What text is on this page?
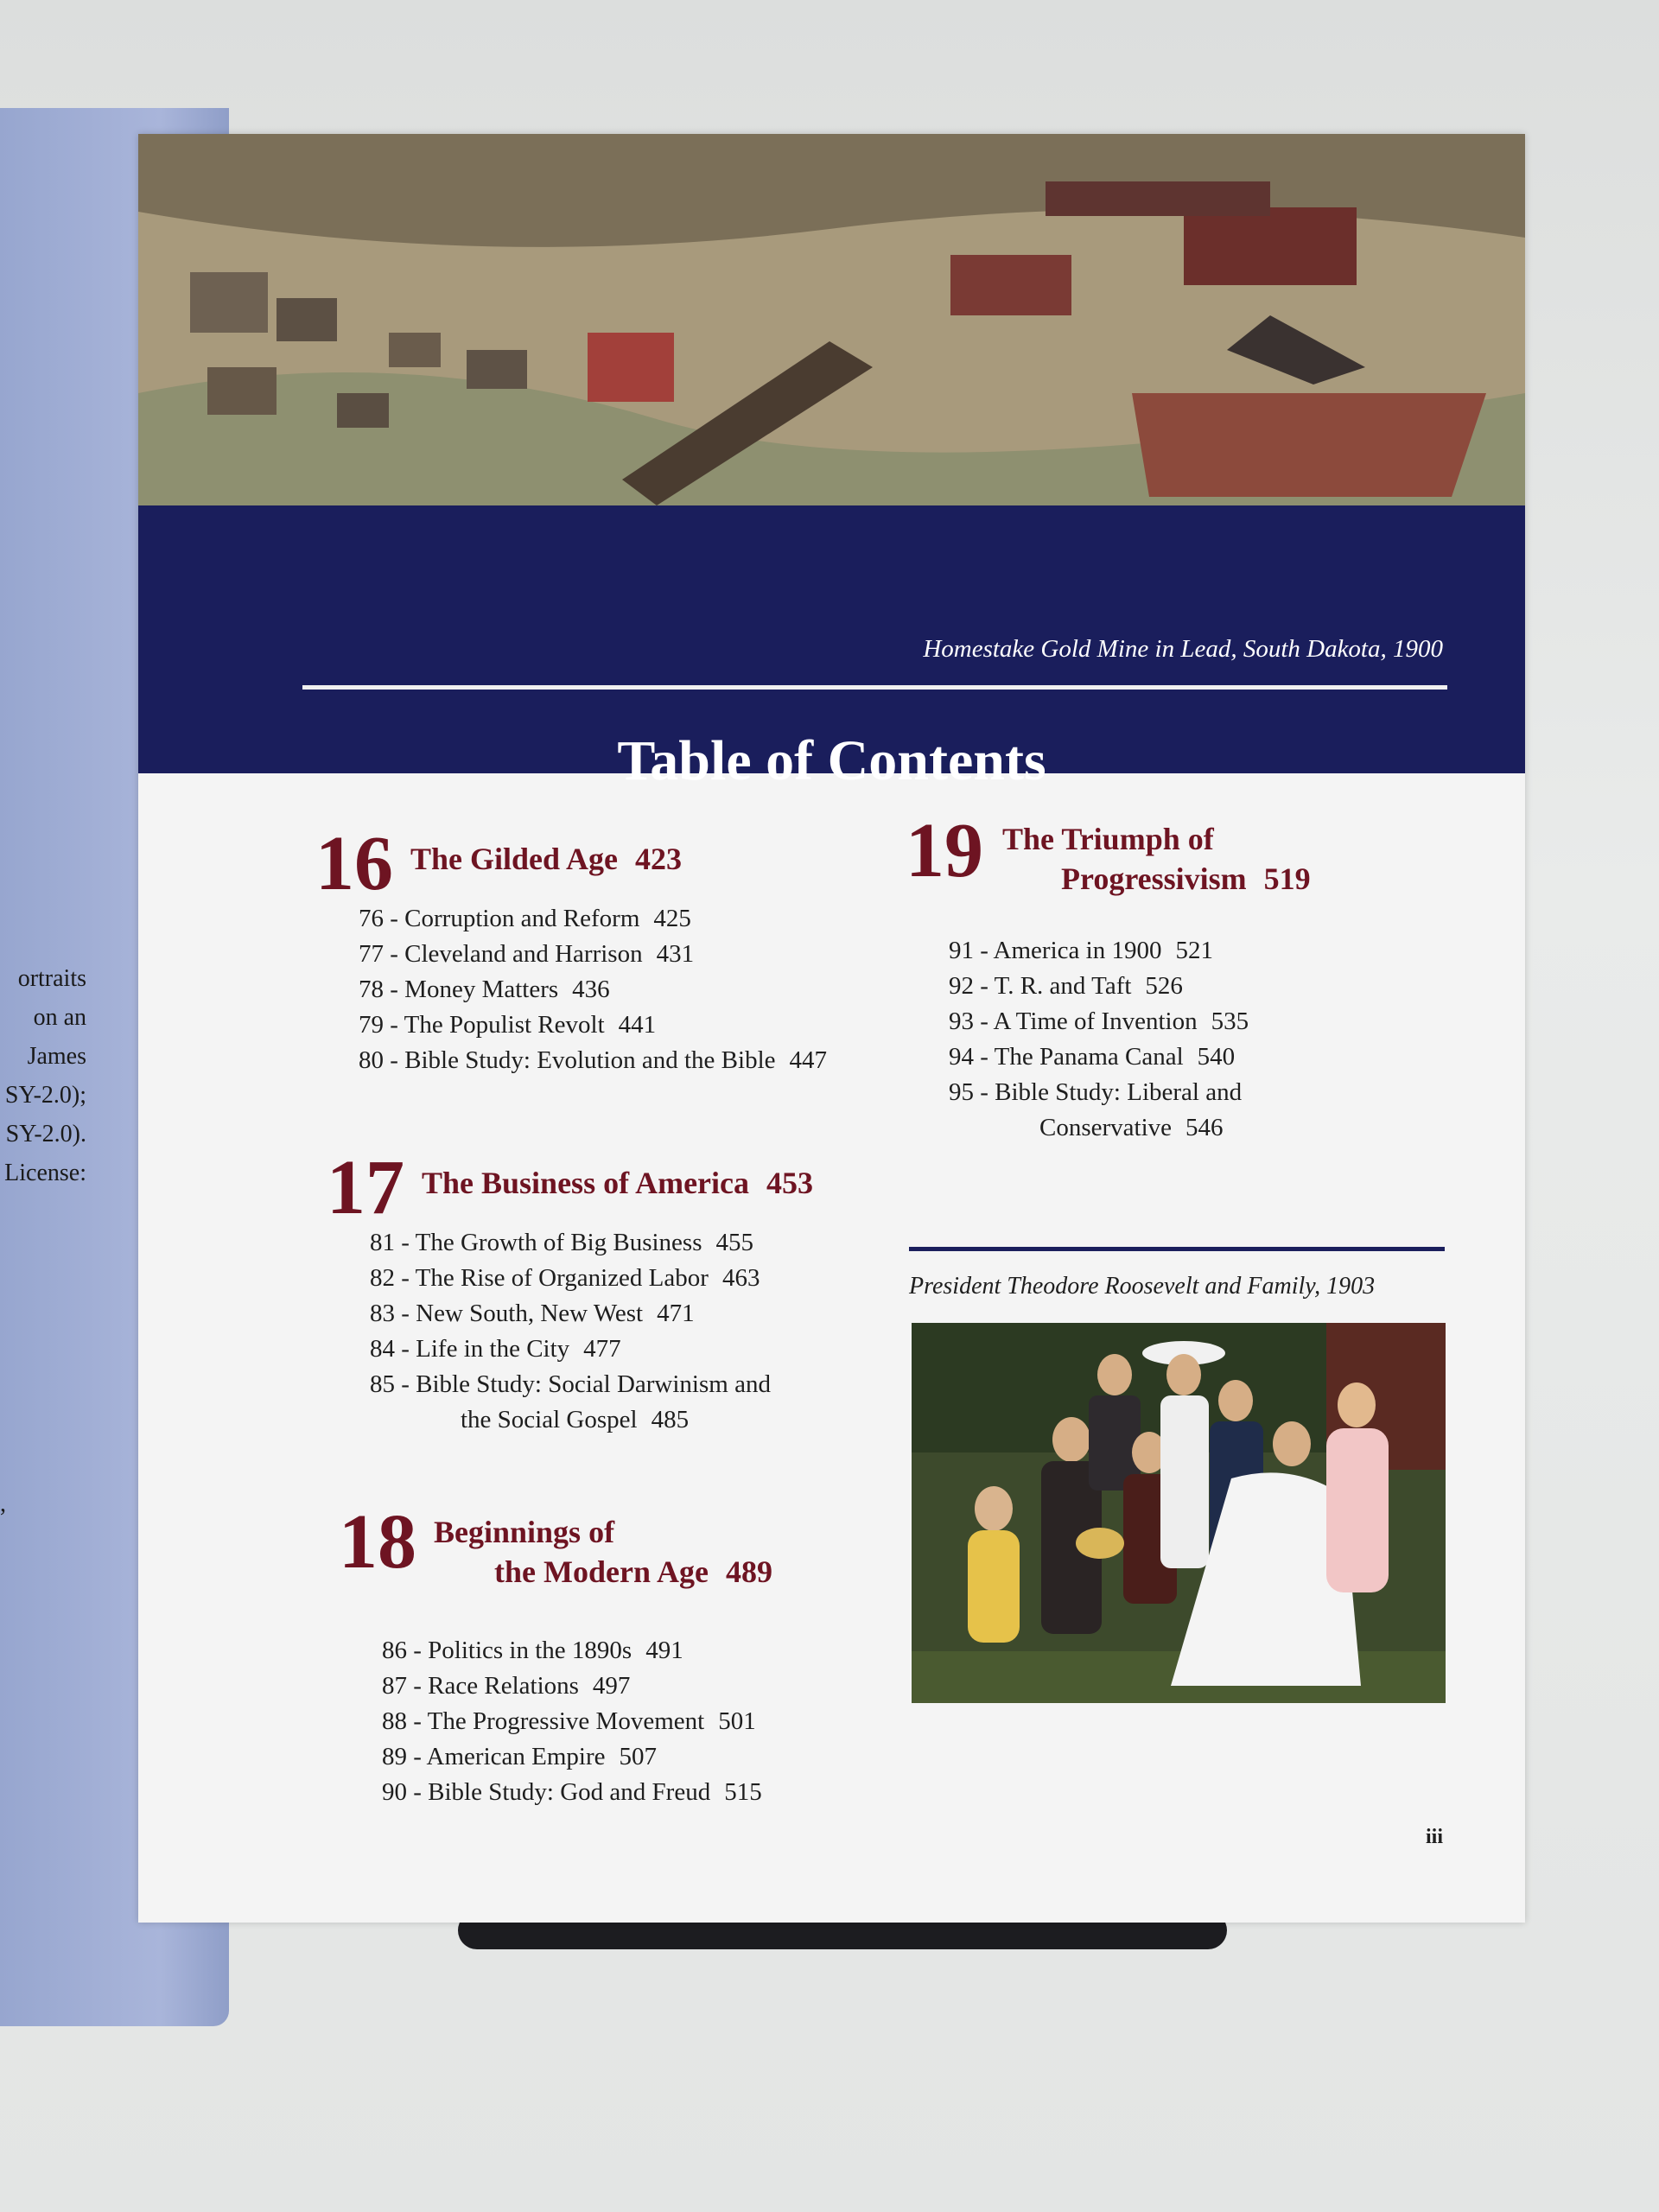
ortraits
on an
James
SY-2.0);
SY-2.0).
License:
,
Homestake Gold Mine in Lead, South Dakota, 1900
Table of Contents
16 The Gilded Age 423
76 - Corruption and Reform 425
77 - Cleveland and Harrison 431
78 - Money Matters 436
79 - The Populist Revolt 441
80 - Bible Study: Evolution and the Bible 447
17 The Business of America 453
81 - The Growth of Big Business 455
82 - The Rise of Organized Labor 463
83 - New South, New West 471
84 - Life in the City 477
85 - Bible Study: Social Darwinism and
the Social Gospel 485
18 Beginnings of
the Modern Age 489
86 - Politics in the 1890s 491
87 - Race Relations 497
88 - The Progressive Movement 501
89 - American Empire 507
90 - Bible Study: God and Freud 515
19 The Triumph of
Progressivism 519
91 - America in 1900 521
92 - T. R. and Taft 526
93 - A Time of Invention 535
94 - The Panama Canal 540
95 - Bible Study: Liberal and
Conservative 546
President Theodore Roosevelt and Family, 1903
iii
